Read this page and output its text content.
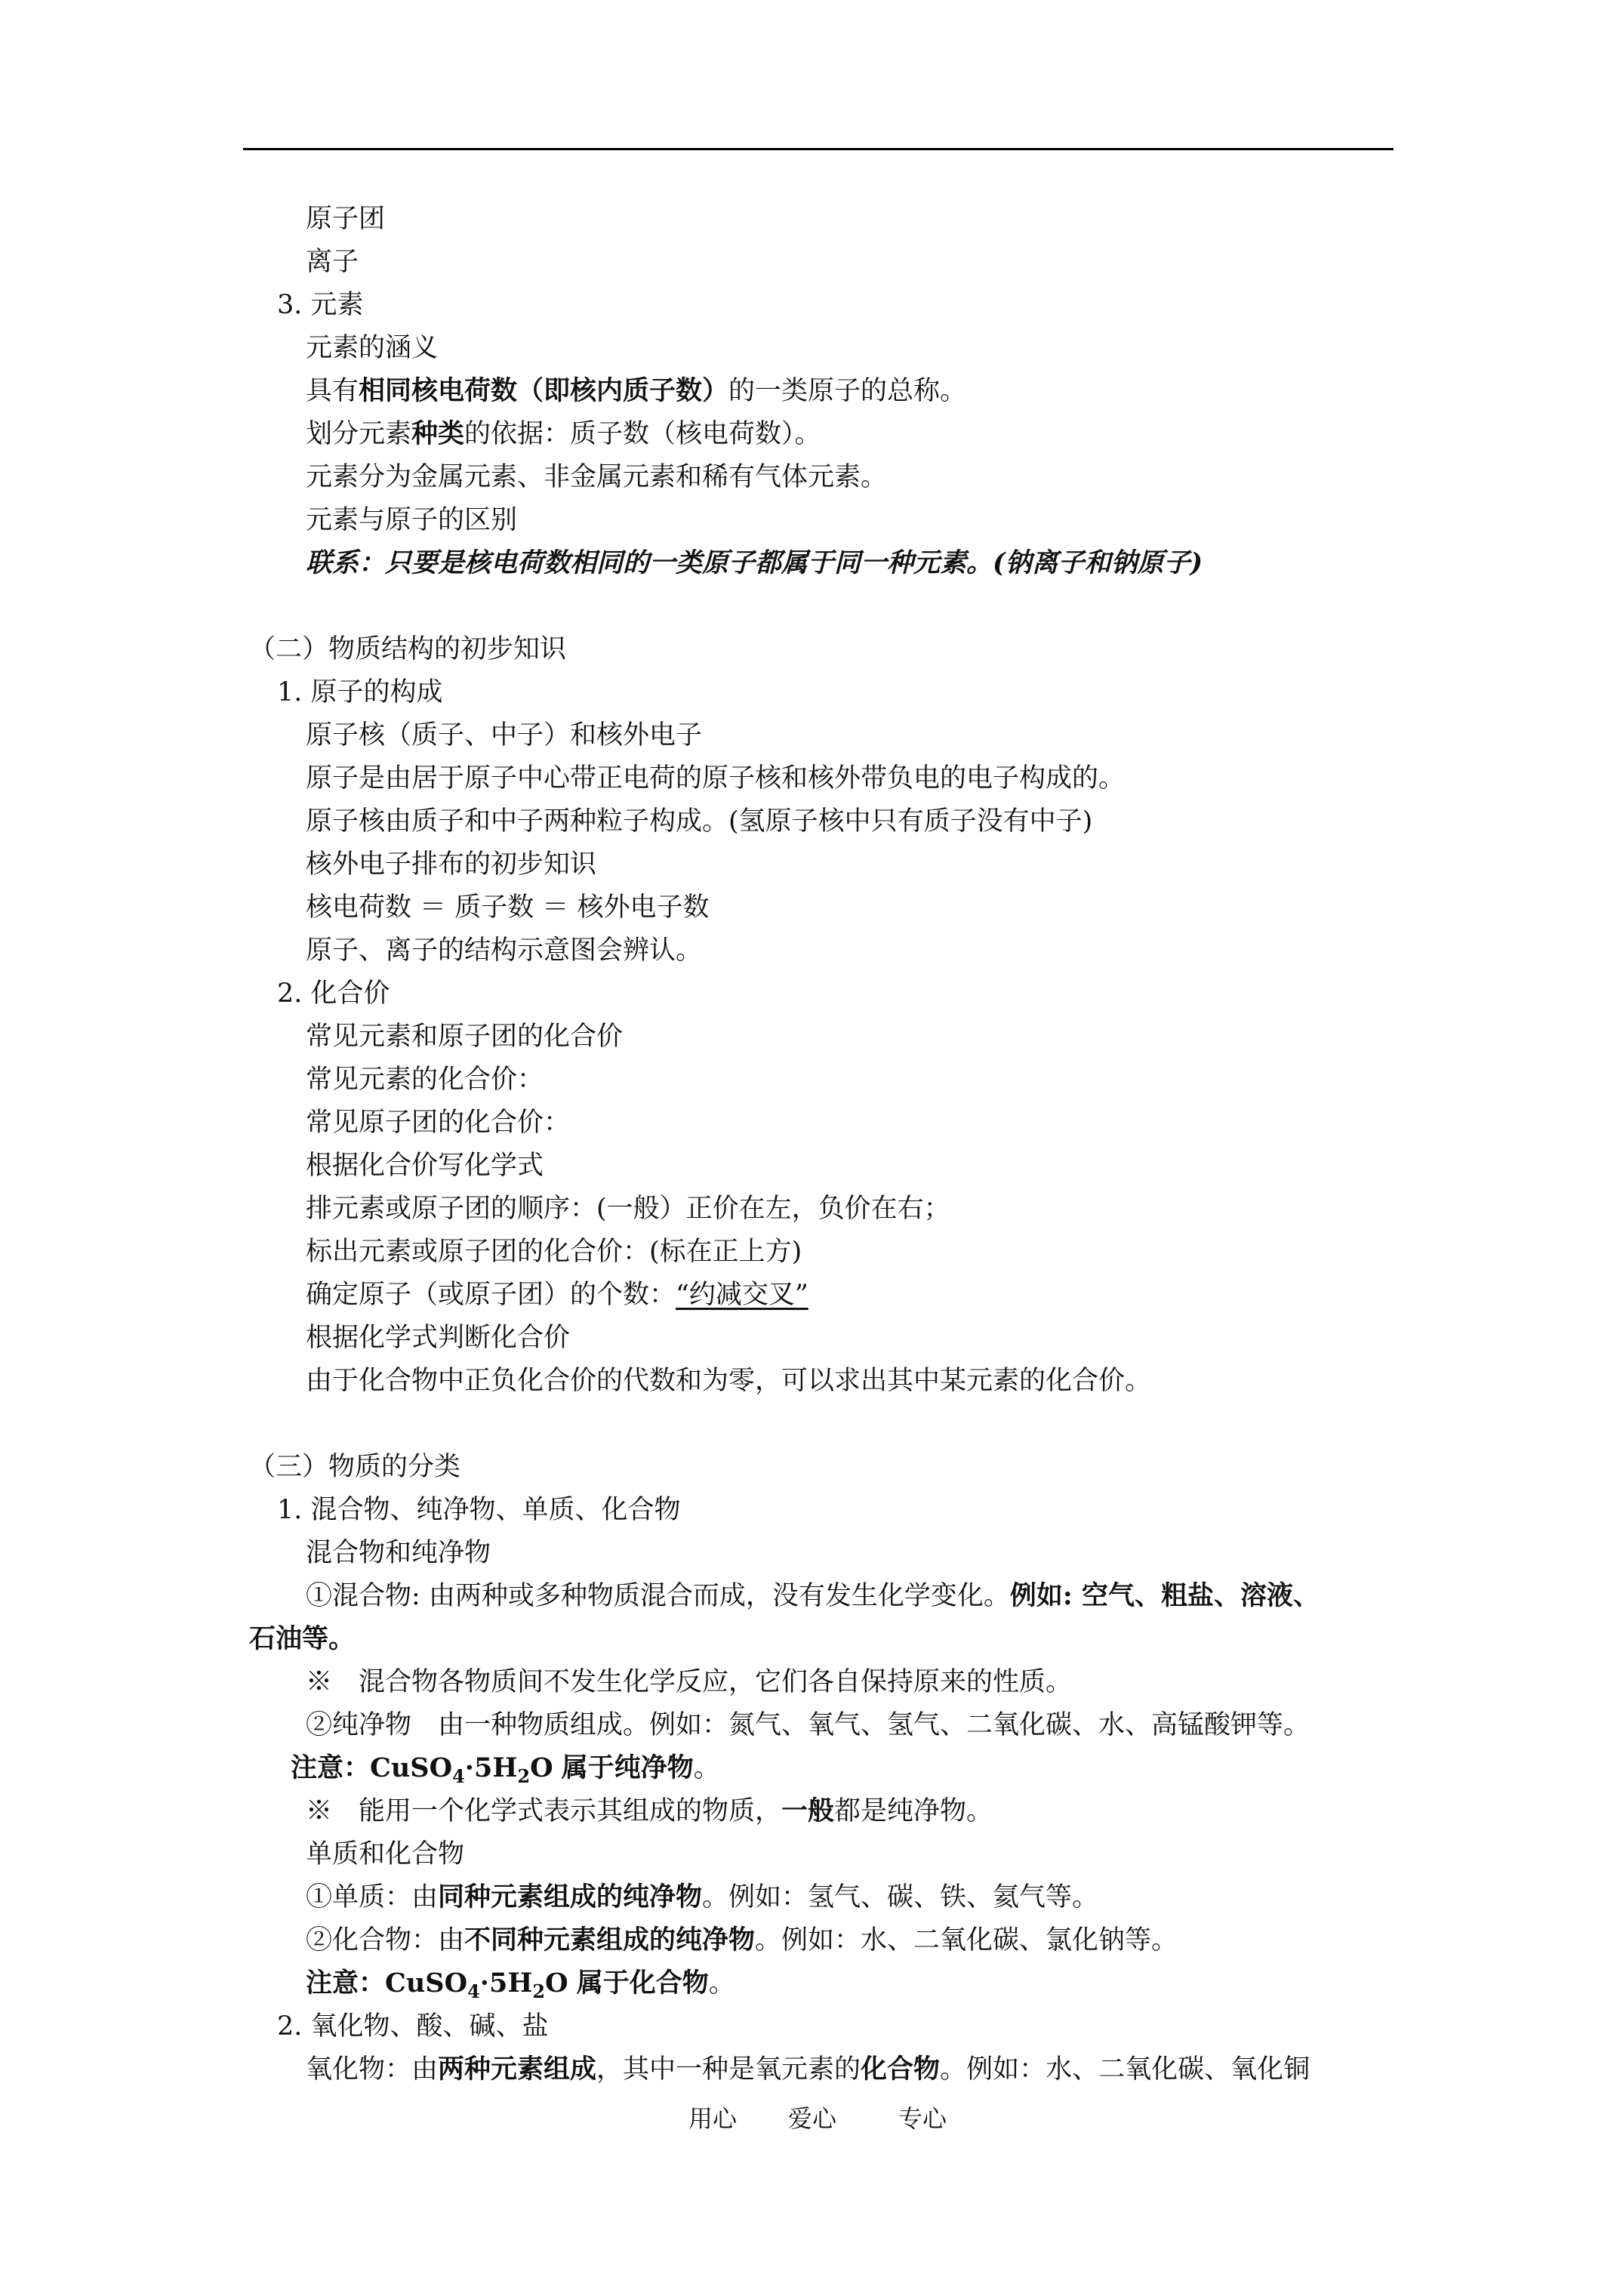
原子团
离子
3. 元素
元素的涵义
具有相同核电荷数（即核内质子数）的一类原子的总称。
划分元素种类的依据：质子数（核电荷数）。
元素分为金属元素、非金属元素和稀有气体元素。
元素与原子的区别
联系：只要是核电荷数相同的一类原子都属于同一种元素。(钠离子和钠原子)
（二）物质结构的初步知识
1. 原子的构成
原子核（质子、中子）和核外电子
原子是由居于原子中心带正电荷的原子核和核外带负电的电子构成的。
原子核由质子和中子两种粒子构成。(氢原子核中只有质子没有中子)
核外电子排布的初步知识
核电荷数 ＝ 质子数 ＝ 核外电子数
原子、离子的结构示意图会辨认。
2. 化合价
常见元素和原子团的化合价
常见元素的化合价：
常见原子团的化合价：
根据化合价写化学式
排元素或原子团的顺序：(一般）正价在左，负价在右；
标出元素或原子团的化合价：(标在正上方)
确定原子（或原子团）的个数：“约减交叉”
根据化学式判断化合价
由于化合物中正负化合价的代数和为零，可以求出其中某元素的化合价。
（三）物质的分类
1. 混合物、纯净物、单质、化合物
混合物和纯净物
①混合物: 由两种或多种物质混合而成，没有发生化学变化。例如: 空气、粗盐、溶液、
石油等。
※　混合物各物质间不发生化学反应，它们各自保持原来的性质。
②纯净物　由一种物质组成。例如：氮气、氧气、氢气、二氧化碳、水、高锰酸钾等。
注意：$CuSO_4\cdot 5H_2O$ 属于纯净物。
※　能用一个化学式表示其组成的物质，一般都是纯净物。
单质和化合物
①单质：由同种元素组成的纯净物。例如：氢气、碳、铁、氦气等。
②化合物：由不同种元素组成的纯净物。例如：水、二氧化碳、氯化钠等。
注意：$CuSO_4\cdot 5H_2O$ 属于化合物。
2. 氧化物、酸、碱、盐
氧化物：由两种元素组成，其中一种是氧元素的化合物。例如：水、二氧化碳、氧化铜
用心 爱心	专心
